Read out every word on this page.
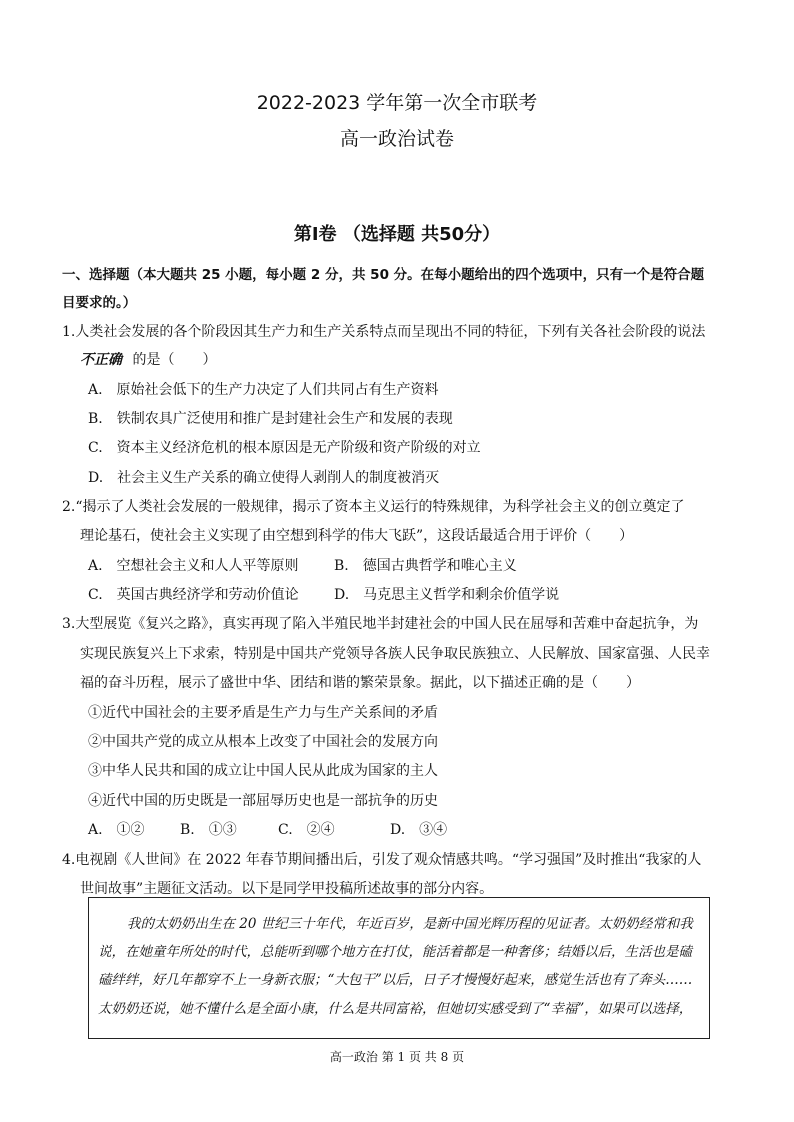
2022-2023 学年第一次全市联考
高一政治试卷
第Ⅰ卷 （选择题 共50分）
一、选择题（本大题共 25 小题，每小题 2 分，共 50 分。在每小题给出的四个选项中，只有一个是符合题
目要求的。）
1.人类社会发展的各个阶段因其生产力和生产关系特点而呈现出不同的特征，下列有关各社会阶段的说法
不正确 的是（　　）
A.　原始社会低下的生产力决定了人们共同占有生产资料
B.　铁制农具广泛使用和推广是封建社会生产和发展的表现
C.　资本主义经济危机的根本原因是无产阶级和资产阶级的对立
D.　社会主义生产关系的确立使得人剥削人的制度被消灭
2.“揭示了人类社会发展的一般规律，揭示了资本主义运行的特殊规律，为科学社会主义的创立奠定了
理论基石，使社会主义实现了由空想到科学的伟大飞跃”，这段话最适合用于评价（　　）
A.　空想社会主义和人人平等原则	B.　德国古典哲学和唯心主义
C.　英国古典经济学和劳动价值论	D.　马克思主义哲学和剩余价值学说
3.大型展览《复兴之路》，真实再现了陷入半殖民地半封建社会的中国人民在屈辱和苦难中奋起抗争，为
实现民族复兴上下求索，特别是中国共产党领导各族人民争取民族独立、人民解放、国家富强、人民幸
福的奋斗历程，展示了盛世中华、团结和谐的繁荣景象。据此，以下描述正确的是（　　）
①近代中国社会的主要矛盾是生产力与生产关系间的矛盾
②中国共产党的成立从根本上改变了中国社会的发展方向
③中华人民共和国的成立让中国人民从此成为国家的主人
④近代中国的历史既是一部屈辱历史也是一部抗争的历史
A.　①②	B.　①③	C.　②④	D.　③④
4.电视剧《人世间》在 2022 年春节期间播出后，引发了观众情感共鸣。“学习强国”及时推出“我家的人
世间故事”主题征文活动。以下是同学甲投稿所述故事的部分内容。
我的太奶奶出生在 20 世纪三十年代，年近百岁，是新中国光辉历程的见证者。太奶奶经常和我
说，在她童年所处的时代，总能听到哪个地方在打仗，能活着都是一种奢侈；结婚以后，生活也是磕
磕绊绊，好几年都穿不上一身新衣服；“大包干”以后，日子才慢慢好起来，感觉生活也有了奔头……
太奶奶还说，她不懂什么是全面小康，什么是共同富裕，但她切实感受到了“幸福”，如果可以选择，
高一政治 第 1 页 共 8 页
